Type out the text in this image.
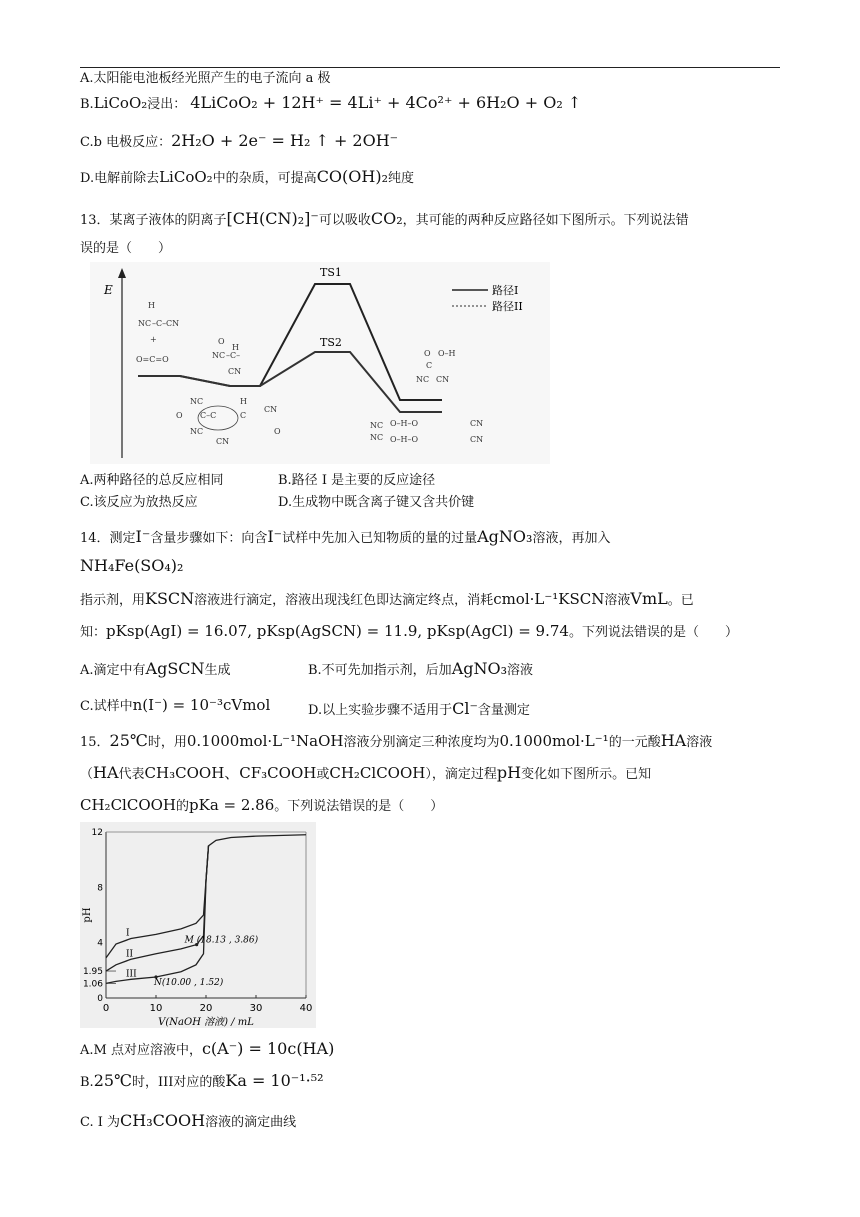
A.太阳能电池板经光照产生的电子流向 a 极
B.LiCoO₂浸出： 4LiCoO₂ + 12H⁺ = 4Li⁺ + 4Co²⁺ + 6H₂O + O₂ ↑
C.b 电极反应：2H₂O + 2e⁻ = H₂ ↑ + 2OH⁻
D.电解前除去LiCoO₂中的杂质，可提高CO(OH)₂纯度
13．某离子液体的阴离子[CH(CN)₂]⁻可以吸收CO₂，其可能的两种反应路径如下图所示。下列说法错
误的是（　　）
E
TS1
TS2
路径I
路径II
H
NC –C– CN
+
O=C=O
O
H
NC –C–
CN
NC	H
CN
O C–C	C
NC
CN
O
O O–H
C
NC CN
NC O–H–O	CN
NC O–H–O	CN
A.两种路径的总反应相同	B.路径 I 是主要的反应途径
C.该反应为放热反应	D.生成物中既含离子键又含共价键
14．测定I⁻含量步骤如下：向含I⁻试样中先加入已知物质的量的过量AgNO₃溶液，再加入
NH₄Fe(SO₄)₂
指示剂，用KSCN溶液进行滴定，溶液出现浅红色即达滴定终点，消耗cmol·L⁻¹KSCN溶液VmL。已
知：pKsp(AgI) = 16.07, pKsp(AgSCN) = 11.9, pKsp(AgCl) = 9.74。下列说法错误的是（　　）
A.滴定中有AgSCN生成	B.不可先加指示剂，后加AgNO₃溶液
C.试样中n(I⁻) = 10⁻³cVmol	D.以上实验步骤不适用于Cl⁻含量测定
15．25℃时，用0.1000mol·L⁻¹NaOH溶液分别滴定三种浓度均为0.1000mol·L⁻¹的一元酸HA溶液
（HA代表CH₃COOH、CF₃COOH或CH₂ClCOOH），滴定过程pH变化如下图所示。已知
CH₂ClCOOH的pKa = 2.86。下列说法错误的是（　　）
0	10	20	30	40
0
1.06
1.95
4
8
12
V(NaOH 溶液) / mL
pH
I
II
III
M (18.13 , 3.86)
N(10.00 , 1.52)
A.M 点对应溶液中，c(A⁻) = 10c(HA)
B.25℃时，III对应的酸Ka = 10⁻¹·⁵²
C. I 为CH₃COOH溶液的滴定曲线
